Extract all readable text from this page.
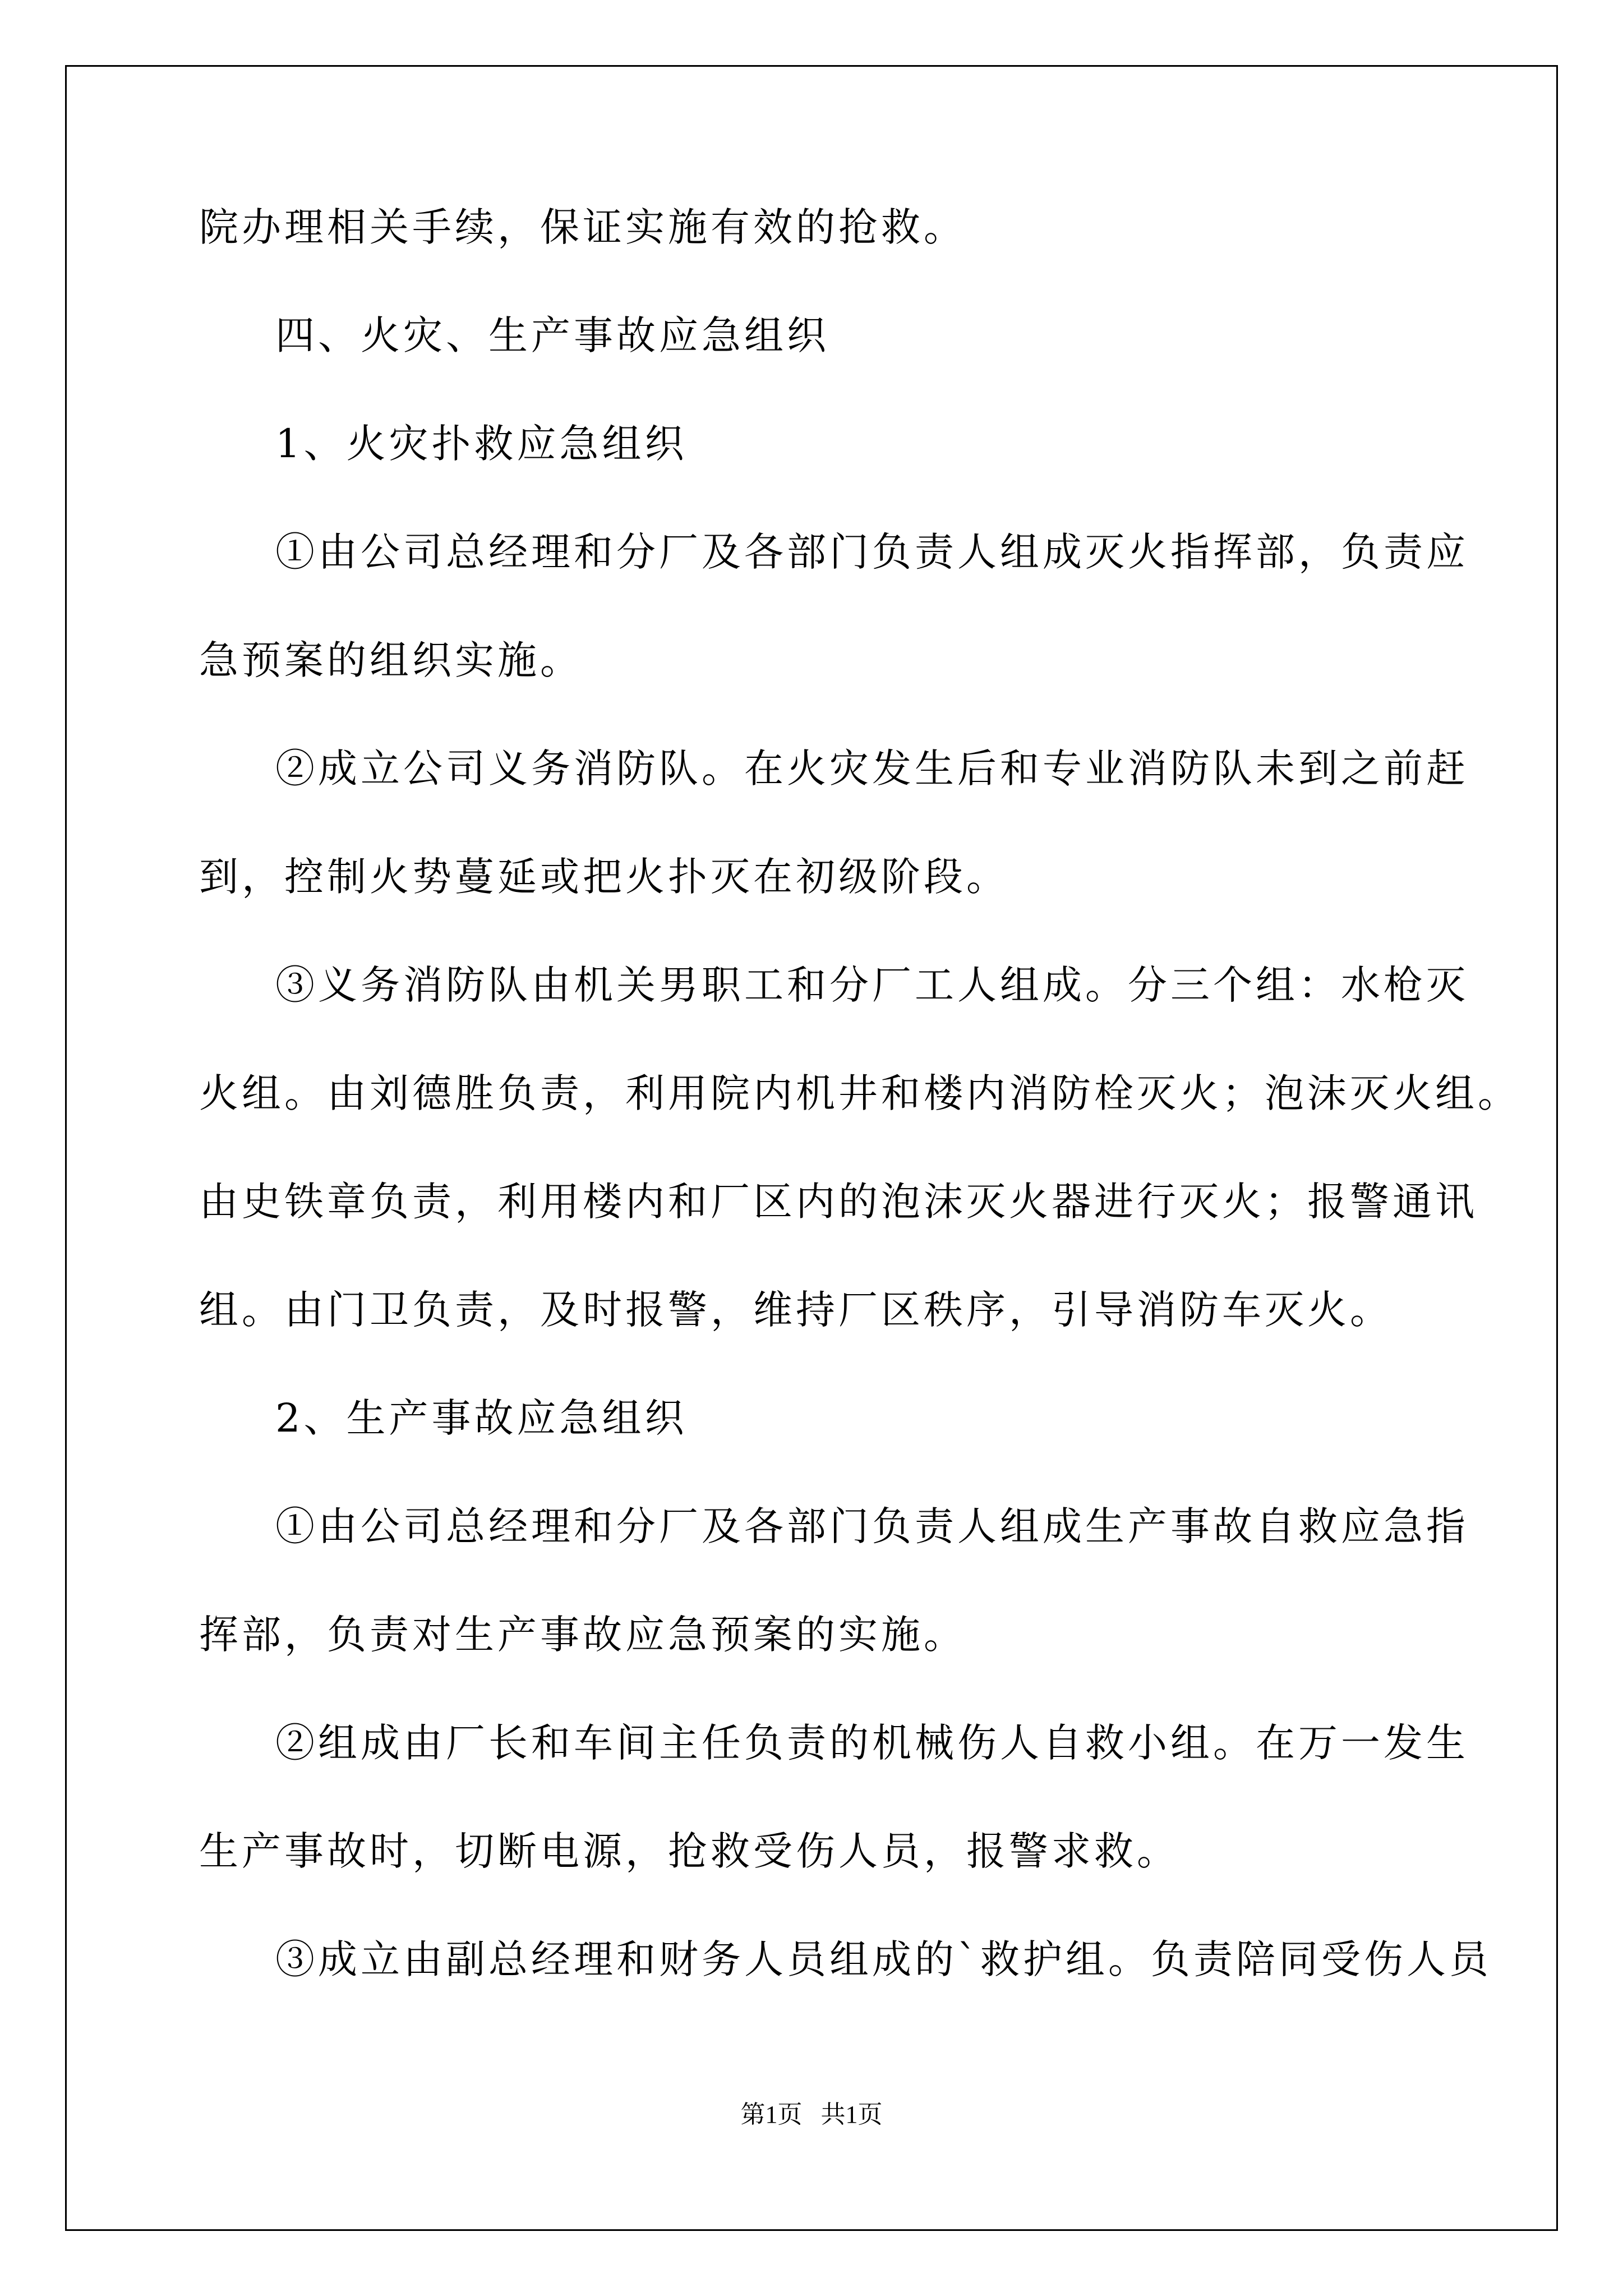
院办理相关手续，保证实施有效的抢救。
四、火灾、生产事故应急组织
1、火灾扑救应急组织
①由公司总经理和分厂及各部门负责人组成灭火指挥部，负责应
急预案的组织实施。
②成立公司义务消防队。在火灾发生后和专业消防队未到之前赶
到，控制火势蔓延或把火扑灭在初级阶段。
③义务消防队由机关男职工和分厂工人组成。分三个组：水枪灭
火组。由刘德胜负责，利用院内机井和楼内消防栓灭火；泡沫灭火组。
由史铁章负责，利用楼内和厂区内的泡沫灭火器进行灭火；报警通讯
组。由门卫负责，及时报警，维持厂区秩序，引导消防车灭火。
2、生产事故应急组织
①由公司总经理和分厂及各部门负责人组成生产事故自救应急指
挥部，负责对生产事故应急预案的实施。
②组成由厂长和车间主任负责的机械伤人自救小组。在万一发生
生产事故时，切断电源，抢救受伤人员，报警求救。
③成立由副总经理和财务人员组成的`救护组。负责陪同受伤人员
第1页   共1页
